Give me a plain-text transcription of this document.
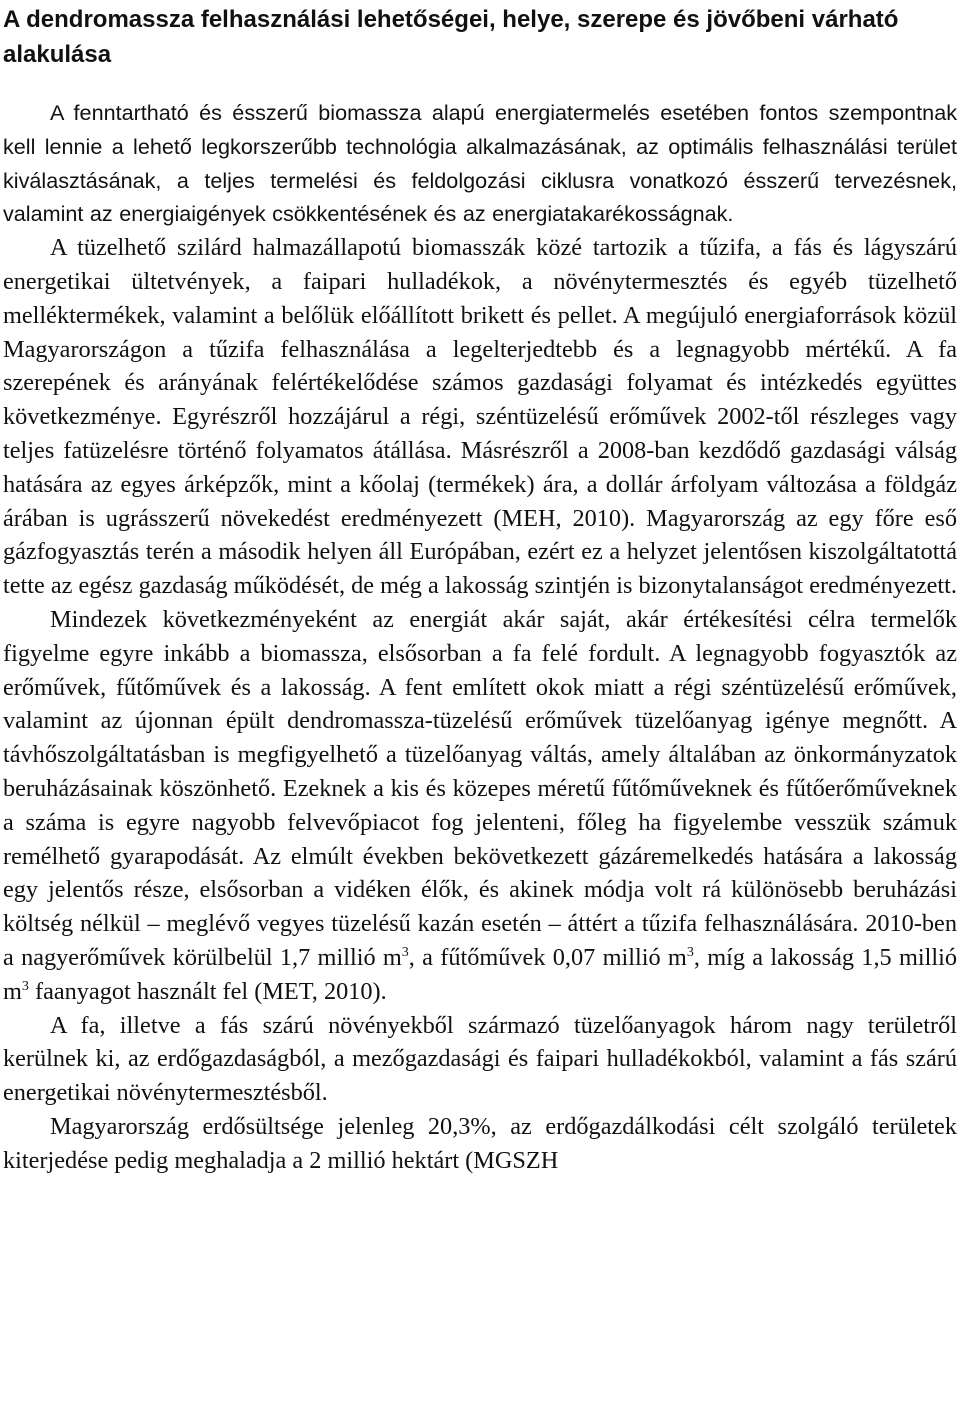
A dendromassza felhasználási lehetőségei, helye, szerepe és jövőbeni várható alakulása

A fenntartható és ésszerű biomassza alapú energiatermelés esetében fontos szempontnak kell lennie a lehető legkorszerűbb technológia alkalmazásának, az optimális felhasználási terület kiválasztásának, a teljes termelési és feldolgozási ciklusra vonatkozó ésszerű tervezésnek, valamint az energiaigények csökkentésének és az energiatakarékosságnak.

A tüzelhető szilárd halmazállapotú biomasszák közé tartozik a tűzifa, a fás és lágyszárú energetikai ültetvények, a faipari hulladékok, a növénytermesztés és egyéb tüzelhető melléktermékek, valamint a belőlük előállított brikett és pellet. A megújuló energiaforrások közül Magyarországon a tűzifa felhasználása a legelterjedtebb és a legnagyobb mértékű. A fa szerepének és arányának felértékelődése számos gazdasági folyamat és intézkedés együttes következménye. Egyrészről hozzájárul a régi, széntüzelésű erőművek 2002-től részleges vagy teljes fatüzelésre történő folyamatos átállása. Másrészről a 2008-ban kezdődő gazdasági válság hatására az egyes árképzők, mint a kőolaj (termékek) ára, a dollár árfolyam változása a földgáz árában is ugrásszerű növekedést eredményezett (MEH, 2010). Magyarország az egy főre eső gázfogyasztás terén a második helyen áll Európában, ezért ez a helyzet jelentősen kiszolgáltatottá tette az egész gazdaság működését, de még a lakosság szintjén is bizonytalanságot eredményezett.

Mindezek következményeként az energiát akár saját, akár értékesítési célra termelők figyelme egyre inkább a biomassza, elsősorban a fa felé fordult. A legnagyobb fogyasztók az erőművek, fűtőművek és a lakosság. A fent említett okok miatt a régi széntüzelésű erőművek, valamint az újonnan épült dendromassza-tüzelésű erőművek tüzelőanyag igénye megnőtt. A távhőszolgáltatásban is megfigyelhető a tüzelőanyag váltás, amely általában az önkormányzatok beruházásainak köszönhető. Ezeknek a kis és közepes méretű fűtőműveknek és fűtőerőműveknek a száma is egyre nagyobb felvevőpiacot fog jelenteni, főleg ha figyelembe vesszük számuk remélhető gyarapodását. Az elmúlt években bekövetkezett gázáremelkedés hatására a lakosság egy jelentős része, elsősorban a vidéken élők, és akinek módja volt rá különösebb beruházási költség nélkül – meglévő vegyes tüzelésű kazán esetén – áttért a tűzifa felhasználására. 2010-ben a nagyerőművek körülbelül 1,7 millió $m^3$, a fűtőművek 0,07 millió $m^3$, míg a lakosság 1,5 millió $m^3$ faanyagot használt fel (MET, 2010).

A fa, illetve a fás szárú növényekből származó tüzelőanyagok három nagy területről kerülnek ki, az erdőgazdaságból, a mezőgazdasági és faipari hulladékokból, valamint a fás szárú energetikai növénytermesztésből.

Magyarország erdősültsége jelenleg 20,3%, az erdőgazdálkodási célt szolgáló területek kiterjedése pedig meghaladja a 2 millió hektárt (MGSZH
